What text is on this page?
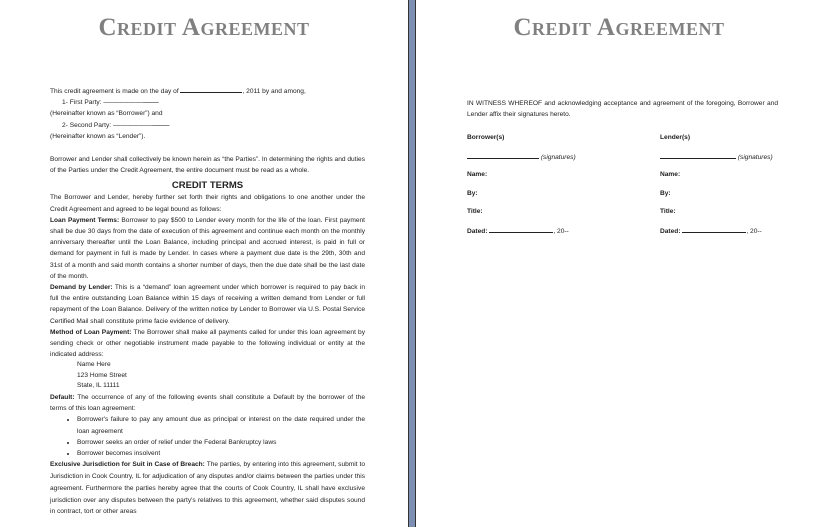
Credit Agreement

This credit agreement is made on the day of	, 2011 by and among,

1- First Party: ———————-------------

(Hereinafter known as “Borrower”) and

2- Second Party: ———————--------------

(Hereinafter known as “Lender”).

Borrower and Lender shall collectively be known herein as “the Parties”. In determining the rights and duties of the Parties under the Credit Agreement, the entire document must be read as a whole.

CREDIT TERMS

The Borrower and Lender, hereby further set forth their rights and obligations to one another under the Credit Agreement and agreed to be legal bound as follows:

Loan Payment Terms: Borrower to pay $500 to Lender every month for the life of the loan. First payment shall be due 30 days from the date of execution of this agreement and continue each month on the monthly anniversary thereafter until the Loan Balance, including principal and accrued interest, is paid in full or demand for payment in full is made by Lender. In cases where a payment due date is the 29th, 30th and 31st of a month and said month contains a shorter number of days, then the due date shall be the last date of the month.

Demand by Lender: This is a “demand” loan agreement under which borrower is required to pay back in full the entire outstanding Loan Balance within 15 days of receiving a written demand from Lender or full repayment of the Loan Balance. Delivery of the written notice by Lender to Borrower via U.S. Postal Service Certified Mail shall constitute prime facie evidence of delivery.

Method of Loan Payment: The Borrower shall make all payments called for under this loan agreement by sending check or other negotiable instrument made payable to the following individual or entity at the indicated address:

Name Here

123 Home Street

State, IL 11111

Default: The occurrence of any of the following events shall constitute a Default by the borrower of the terms of this loan agreement:

• Borrower's failure to pay any amount due as principal or interest on the date required under the loan agreement
• Borrower seeks an order of relief under the Federal Bankruptcy laws
• Borrower becomes insolvent

Exclusive Jurisdiction for Suit in Case of Breach: The parties, by entering into this agreement, submit to Jurisdiction in Cook Country, IL for adjudication of any disputes and/or claims between the parties under this agreement. Furthermore the parties hereby agree that the courts of Cook Country, IL shall have exclusive jurisdiction over any disputes between the party's relatives to this agreement, whether said disputes sound in contract, tort or other areas

Credit Agreement

IN WITNESS WHEREOF and acknowledging acceptance and agreement of the foregoing, Borrower and Lender affix their signatures hereto.

Borrower(s)
(signatures)
Name:
By:
Title:
Dated:	, 20--
Lender(s)
(signatures)
Name:
By:
Title:
Dated:	, 20--
